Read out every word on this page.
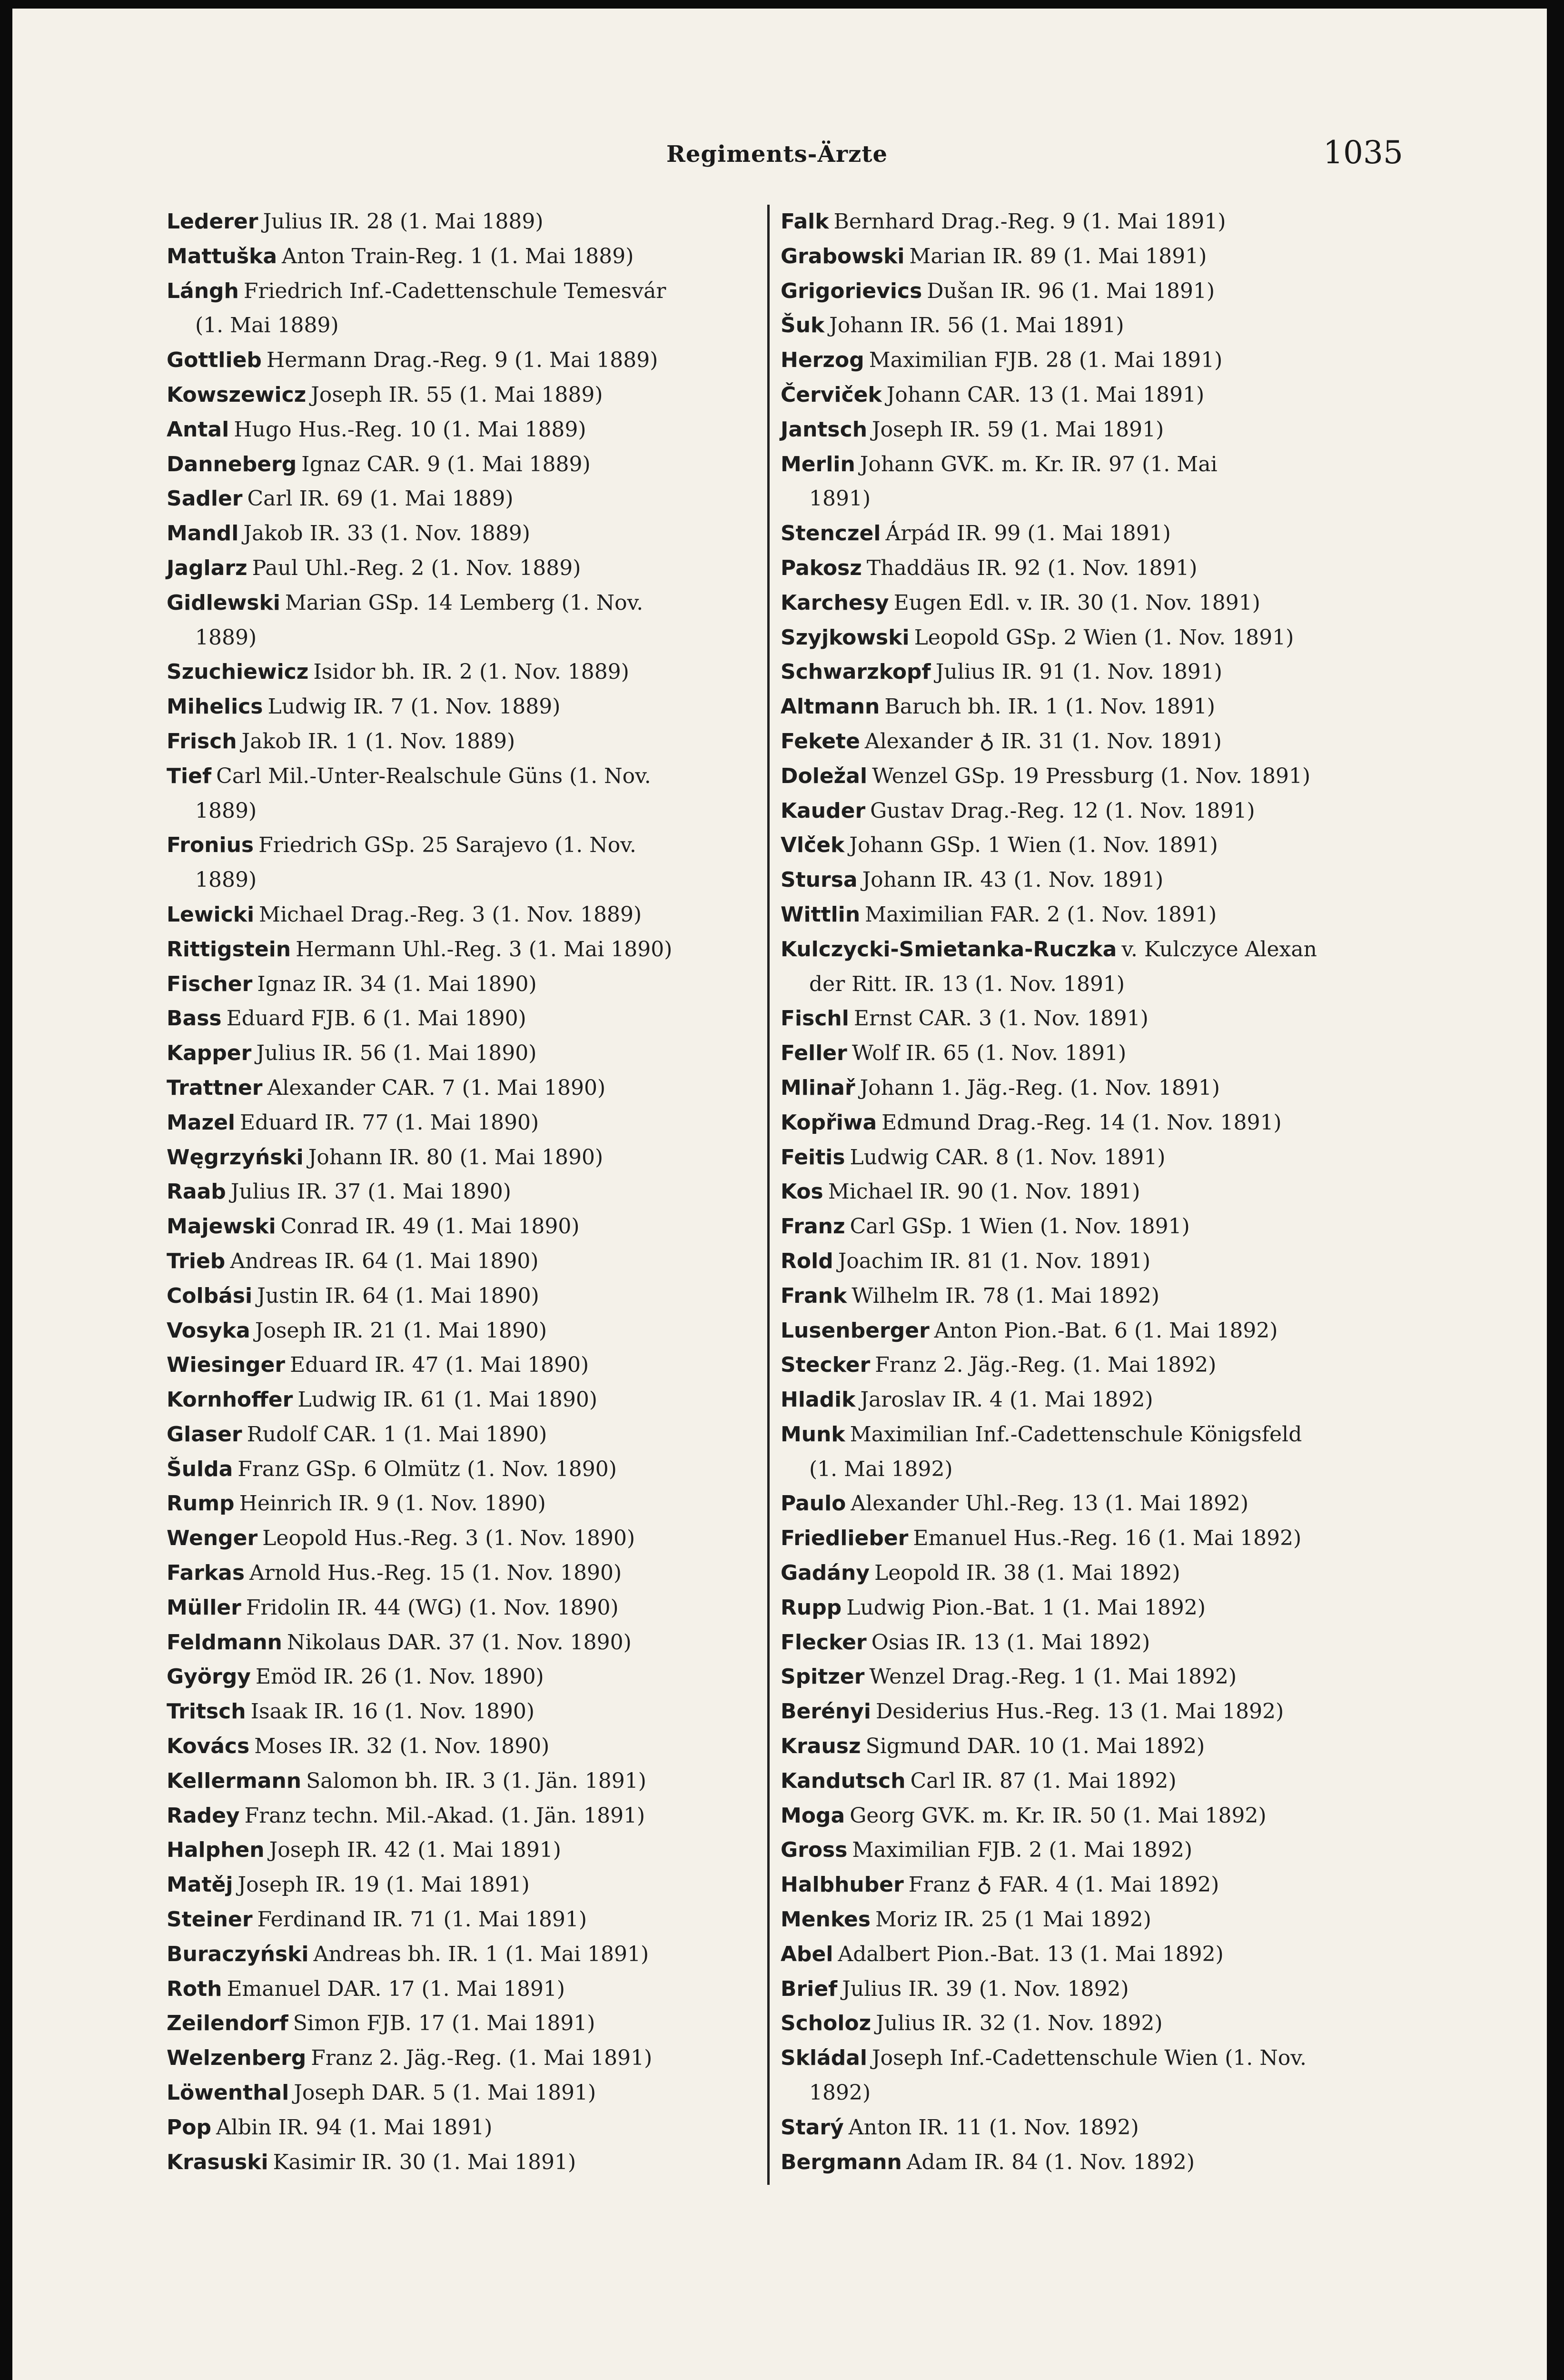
Regiments-Ärzte	1035
Lederer Julius IR. 28 (1. Mai 1889)
Mattuška Anton Train-Reg. 1 (1. Mai 1889)
Lángh Friedrich Inf.-Cadettenschule Temesvár
(1. Mai 1889)
Gottlieb Hermann Drag.-Reg. 9 (1. Mai 1889)
Kowszewicz Joseph IR. 55 (1. Mai 1889)
Antal Hugo Hus.-Reg. 10 (1. Mai 1889)
Danneberg Ignaz CAR. 9 (1. Mai 1889)
Sadler Carl IR. 69 (1. Mai 1889)
Mandl Jakob IR. 33 (1. Nov. 1889)
Jaglarz Paul Uhl.-Reg. 2 (1. Nov. 1889)
Gidlewski Marian GSp. 14 Lemberg (1. Nov.
1889)
Szuchiewicz Isidor bh. IR. 2 (1. Nov. 1889)
Mihelics Ludwig IR. 7 (1. Nov. 1889)
Frisch Jakob IR. 1 (1. Nov. 1889)
Tief Carl Mil.-Unter-Realschule Güns (1. Nov.
1889)
Fronius Friedrich GSp. 25 Sarajevo (1. Nov.
1889)
Lewicki Michael Drag.-Reg. 3 (1. Nov. 1889)
Rittigstein Hermann Uhl.-Reg. 3 (1. Mai 1890)
Fischer Ignaz IR. 34 (1. Mai 1890)
Bass Eduard FJB. 6 (1. Mai 1890)
Kapper Julius IR. 56 (1. Mai 1890)
Trattner Alexander CAR. 7 (1. Mai 1890)
Mazel Eduard IR. 77 (1. Mai 1890)
Węgrzyński Johann IR. 80 (1. Mai 1890)
Raab Julius IR. 37 (1. Mai 1890)
Majewski Conrad IR. 49 (1. Mai 1890)
Trieb Andreas IR. 64 (1. Mai 1890)
Colbási Justin IR. 64 (1. Mai 1890)
Vosyka Joseph IR. 21 (1. Mai 1890)
Wiesinger Eduard IR. 47 (1. Mai 1890)
Kornhoffer Ludwig IR. 61 (1. Mai 1890)
Glaser Rudolf CAR. 1 (1. Mai 1890)
Šulda Franz GSp. 6 Olmütz (1. Nov. 1890)
Rump Heinrich IR. 9 (1. Nov. 1890)
Wenger Leopold Hus.-Reg. 3 (1. Nov. 1890)
Farkas Arnold Hus.-Reg. 15 (1. Nov. 1890)
Müller Fridolin IR. 44 (WG) (1. Nov. 1890)
Feldmann Nikolaus DAR. 37 (1. Nov. 1890)
György Emöd IR. 26 (1. Nov. 1890)
Tritsch Isaak IR. 16 (1. Nov. 1890)
Kovács Moses IR. 32 (1. Nov. 1890)
Kellermann Salomon bh. IR. 3 (1. Jän. 1891)
Radey Franz techn. Mil.-Akad. (1. Jän. 1891)
Halphen Joseph IR. 42 (1. Mai 1891)
Matěj Joseph IR. 19 (1. Mai 1891)
Steiner Ferdinand IR. 71 (1. Mai 1891)
Buraczyński Andreas bh. IR. 1 (1. Mai 1891)
Roth Emanuel DAR. 17 (1. Mai 1891)
Zeilendorf Simon FJB. 17 (1. Mai 1891)
Welzenberg Franz 2. Jäg.-Reg. (1. Mai 1891)
Löwenthal Joseph DAR. 5 (1. Mai 1891)
Pop Albin IR. 94 (1. Mai 1891)
Krasuski Kasimir IR. 30 (1. Mai 1891)
Falk Bernhard Drag.-Reg. 9 (1. Mai 1891)
Grabowski Marian IR. 89 (1. Mai 1891)
Grigorievics Dušan IR. 96 (1. Mai 1891)
Šuk Johann IR. 56 (1. Mai 1891)
Herzog Maximilian FJB. 28 (1. Mai 1891)
Červiček Johann CAR. 13 (1. Mai 1891)
Jantsch Joseph IR. 59 (1. Mai 1891)
Merlin Johann GVK. m. Kr. IR. 97 (1. Mai
1891)
Stenczel Árpád IR. 99 (1. Mai 1891)
Pakosz Thaddäus IR. 92 (1. Nov. 1891)
Karchesy Eugen Edl. v. IR. 30 (1. Nov. 1891)
Szyjkowski Leopold GSp. 2 Wien (1. Nov. 1891)
Schwarzkopf Julius IR. 91 (1. Nov. 1891)
Altmann Baruch bh. IR. 1 (1. Nov. 1891)
Fekete Alexander ♁ IR. 31 (1. Nov. 1891)
Doležal Wenzel GSp. 19 Pressburg (1. Nov. 1891)
Kauder Gustav Drag.-Reg. 12 (1. Nov. 1891)
Vlček Johann GSp. 1 Wien (1. Nov. 1891)
Stursa Johann IR. 43 (1. Nov. 1891)
Wittlin Maximilian FAR. 2 (1. Nov. 1891)
Kulczycki-Smietanka-Ruczka v. Kulczyce Alexan
der Ritt. IR. 13 (1. Nov. 1891)
Fischl Ernst CAR. 3 (1. Nov. 1891)
Feller Wolf IR. 65 (1. Nov. 1891)
Mlinař Johann 1. Jäg.-Reg. (1. Nov. 1891)
Kopřiwa Edmund Drag.-Reg. 14 (1. Nov. 1891)
Feitis Ludwig CAR. 8 (1. Nov. 1891)
Kos Michael IR. 90 (1. Nov. 1891)
Franz Carl GSp. 1 Wien (1. Nov. 1891)
Rold Joachim IR. 81 (1. Nov. 1891)
Frank Wilhelm IR. 78 (1. Mai 1892)
Lusenberger Anton Pion.-Bat. 6 (1. Mai 1892)
Stecker Franz 2. Jäg.-Reg. (1. Mai 1892)
Hladik Jaroslav IR. 4 (1. Mai 1892)
Munk Maximilian Inf.-Cadettenschule Königsfeld
(1. Mai 1892)
Paulo Alexander Uhl.-Reg. 13 (1. Mai 1892)
Friedlieber Emanuel Hus.-Reg. 16 (1. Mai 1892)
Gadány Leopold IR. 38 (1. Mai 1892)
Rupp Ludwig Pion.-Bat. 1 (1. Mai 1892)
Flecker Osias IR. 13 (1. Mai 1892)
Spitzer Wenzel Drag.-Reg. 1 (1. Mai 1892)
Berényi Desiderius Hus.-Reg. 13 (1. Mai 1892)
Krausz Sigmund DAR. 10 (1. Mai 1892)
Kandutsch Carl IR. 87 (1. Mai 1892)
Moga Georg GVK. m. Kr. IR. 50 (1. Mai 1892)
Gross Maximilian FJB. 2 (1. Mai 1892)
Halbhuber Franz ♁ FAR. 4 (1. Mai 1892)
Menkes Moriz IR. 25 (1 Mai 1892)
Abel Adalbert Pion.-Bat. 13 (1. Mai 1892)
Brief Julius IR. 39 (1. Nov. 1892)
Scholoz Julius IR. 32 (1. Nov. 1892)
Skládal Joseph Inf.-Cadettenschule Wien (1. Nov.
1892)
Starý Anton IR. 11 (1. Nov. 1892)
Bergmann Adam IR. 84 (1. Nov. 1892)
